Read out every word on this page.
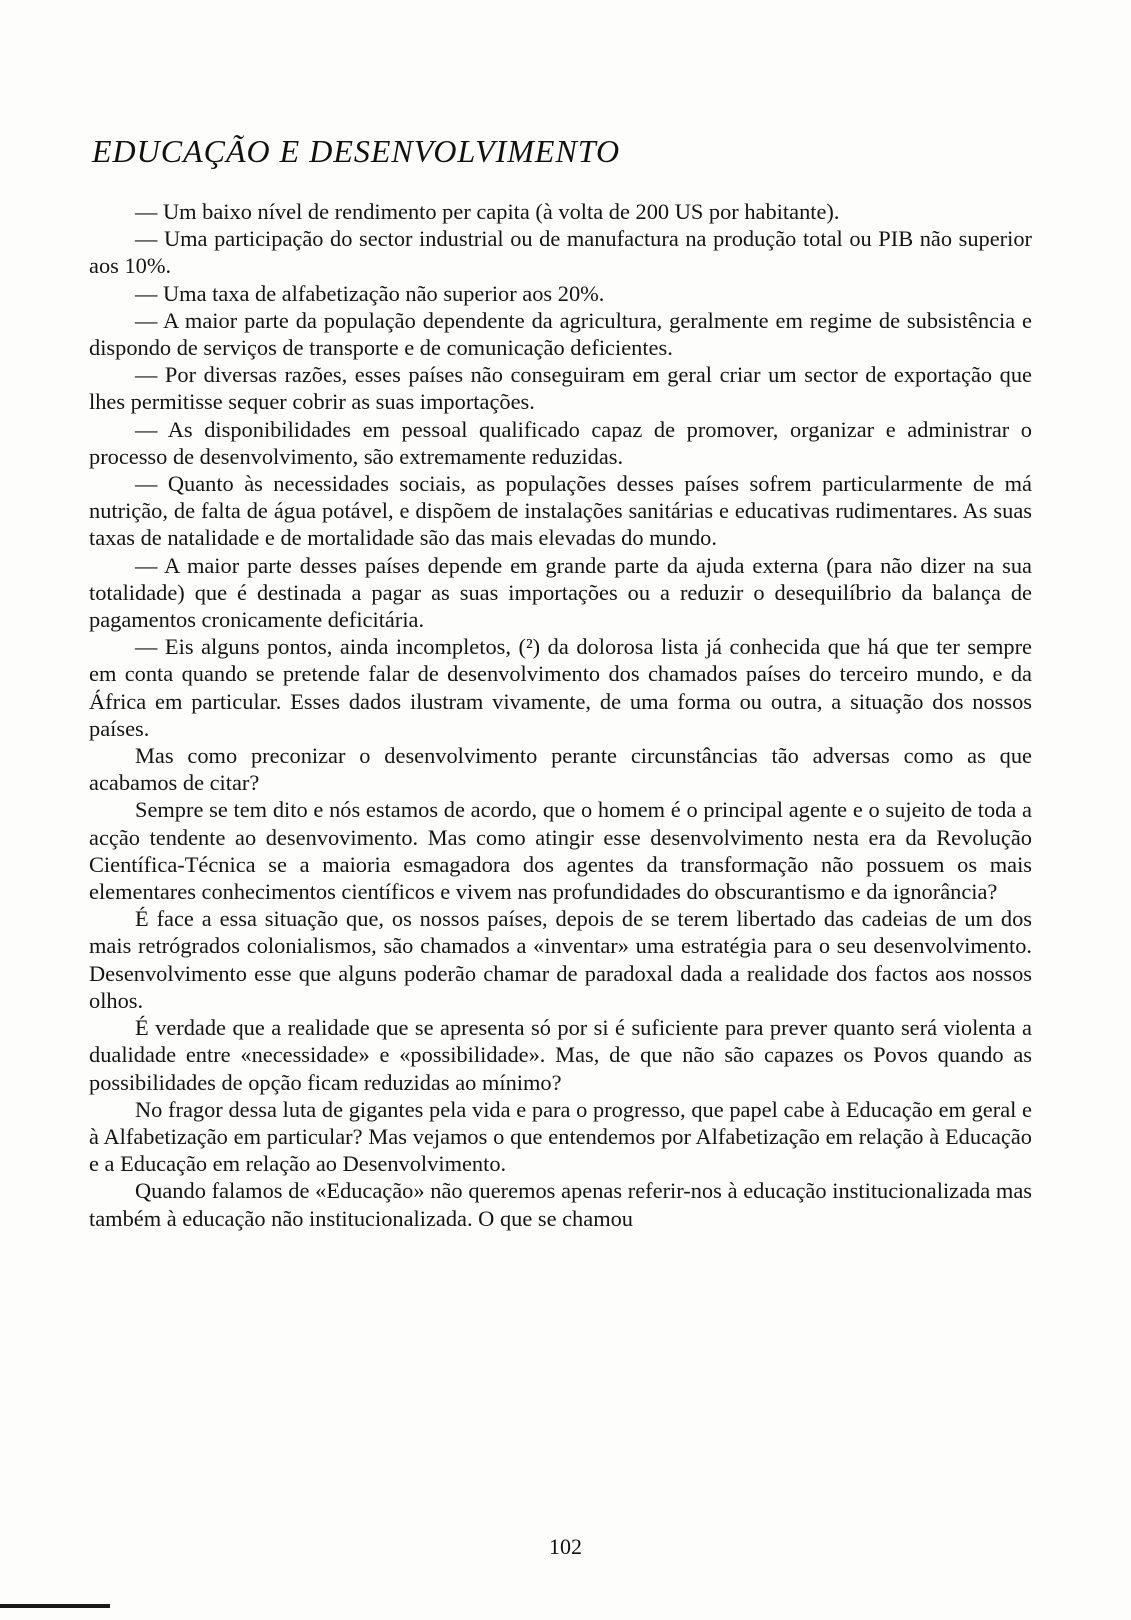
EDUCAÇÃO E DESENVOLVIMENTO

— Um baixo nível de rendimento per capita (à volta de 200 US por habitante).

— Uma participação do sector industrial ou de manufactura na produção total ou PIB não superior aos 10%.

— Uma taxa de alfabetização não superior aos 20%.

— A maior parte da população dependente da agricultura, geralmente em regime de subsistência e dispondo de serviços de transporte e de comunicação deficientes.

— Por diversas razões, esses países não conseguiram em geral criar um sector de exportação que lhes permitisse sequer cobrir as suas importações.

— As disponibilidades em pessoal qualificado capaz de promover, organizar e administrar o processo de desenvolvimento, são extremamente reduzidas.

— Quanto às necessidades sociais, as populações desses países sofrem particularmente de má nutrição, de falta de água potável, e dispõem de instalações sanitárias e educativas rudimentares. As suas taxas de natalidade e de mortalidade são das mais elevadas do mundo.

— A maior parte desses países depende em grande parte da ajuda externa (para não dizer na sua totalidade) que é destinada a pagar as suas importações ou a reduzir o desequilíbrio da balança de pagamentos cronicamente deficitária.

— Eis alguns pontos, ainda incompletos, (²) da dolorosa lista já conhecida que há que ter sempre em conta quando se pretende falar de desenvolvimento dos chamados países do terceiro mundo, e da África em particular. Esses dados ilustram vivamente, de uma forma ou outra, a situação dos nossos países.

Mas como preconizar o desenvolvimento perante circunstâncias tão adversas como as que acabamos de citar?

Sempre se tem dito e nós estamos de acordo, que o homem é o principal agente e o sujeito de toda a acção tendente ao desenvovimento. Mas como atingir esse desenvolvimento nesta era da Revolução Científica-Técnica se a maioria esmagadora dos agentes da transformação não possuem os mais elementares conhecimentos científicos e vivem nas profundidades do obscurantismo e da ignorância?

É face a essa situação que, os nossos países, depois de se terem libertado das cadeias de um dos mais retrógrados colonialismos, são chamados a «inventar» uma estratégia para o seu desenvolvimento. Desenvolvimento esse que alguns poderão chamar de paradoxal dada a realidade dos factos aos nossos olhos.

É verdade que a realidade que se apresenta só por si é suficiente para prever quanto será violenta a dualidade entre «necessidade» e «possibilidade». Mas, de que não são capazes os Povos quando as possibilidades de opção ficam reduzidas ao mínimo?

No fragor dessa luta de gigantes pela vida e para o progresso, que papel cabe à Educação em geral e à Alfabetização em particular? Mas vejamos o que entendemos por Alfabetização em relação à Educação e a Educação em relação ao Desenvolvimento.

Quando falamos de «Educação» não queremos apenas referir-nos à educação institucionalizada mas também à educação não institucionalizada. O que se chamou

102
